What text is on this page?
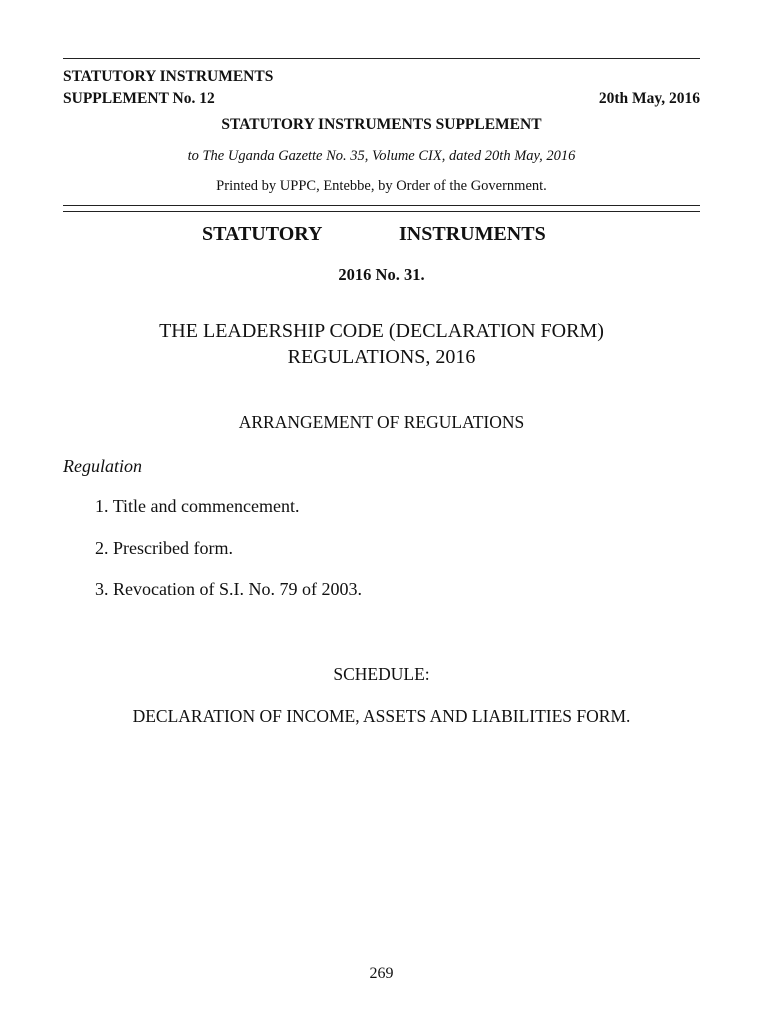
STATUTORY INSTRUMENTS
SUPPLEMENT No. 12	20th May, 2016
STATUTORY INSTRUMENTS SUPPLEMENT
to The Uganda Gazette No. 35, Volume CIX, dated 20th May, 2016
Printed by UPPC, Entebbe, by Order of the Government.
STATUTORY	INSTRUMENTS
2016 No. 31.
THE LEADERSHIP CODE (DECLARATION FORM)
REGULATIONS, 2016
ARRANGEMENT OF REGULATIONS
Regulation
1. Title and commencement.
2. Prescribed form.
3. Revocation of S.I. No. 79 of 2003.
SCHEDULE:
DECLARATION OF INCOME, ASSETS AND LIABILITIES FORM.
269
